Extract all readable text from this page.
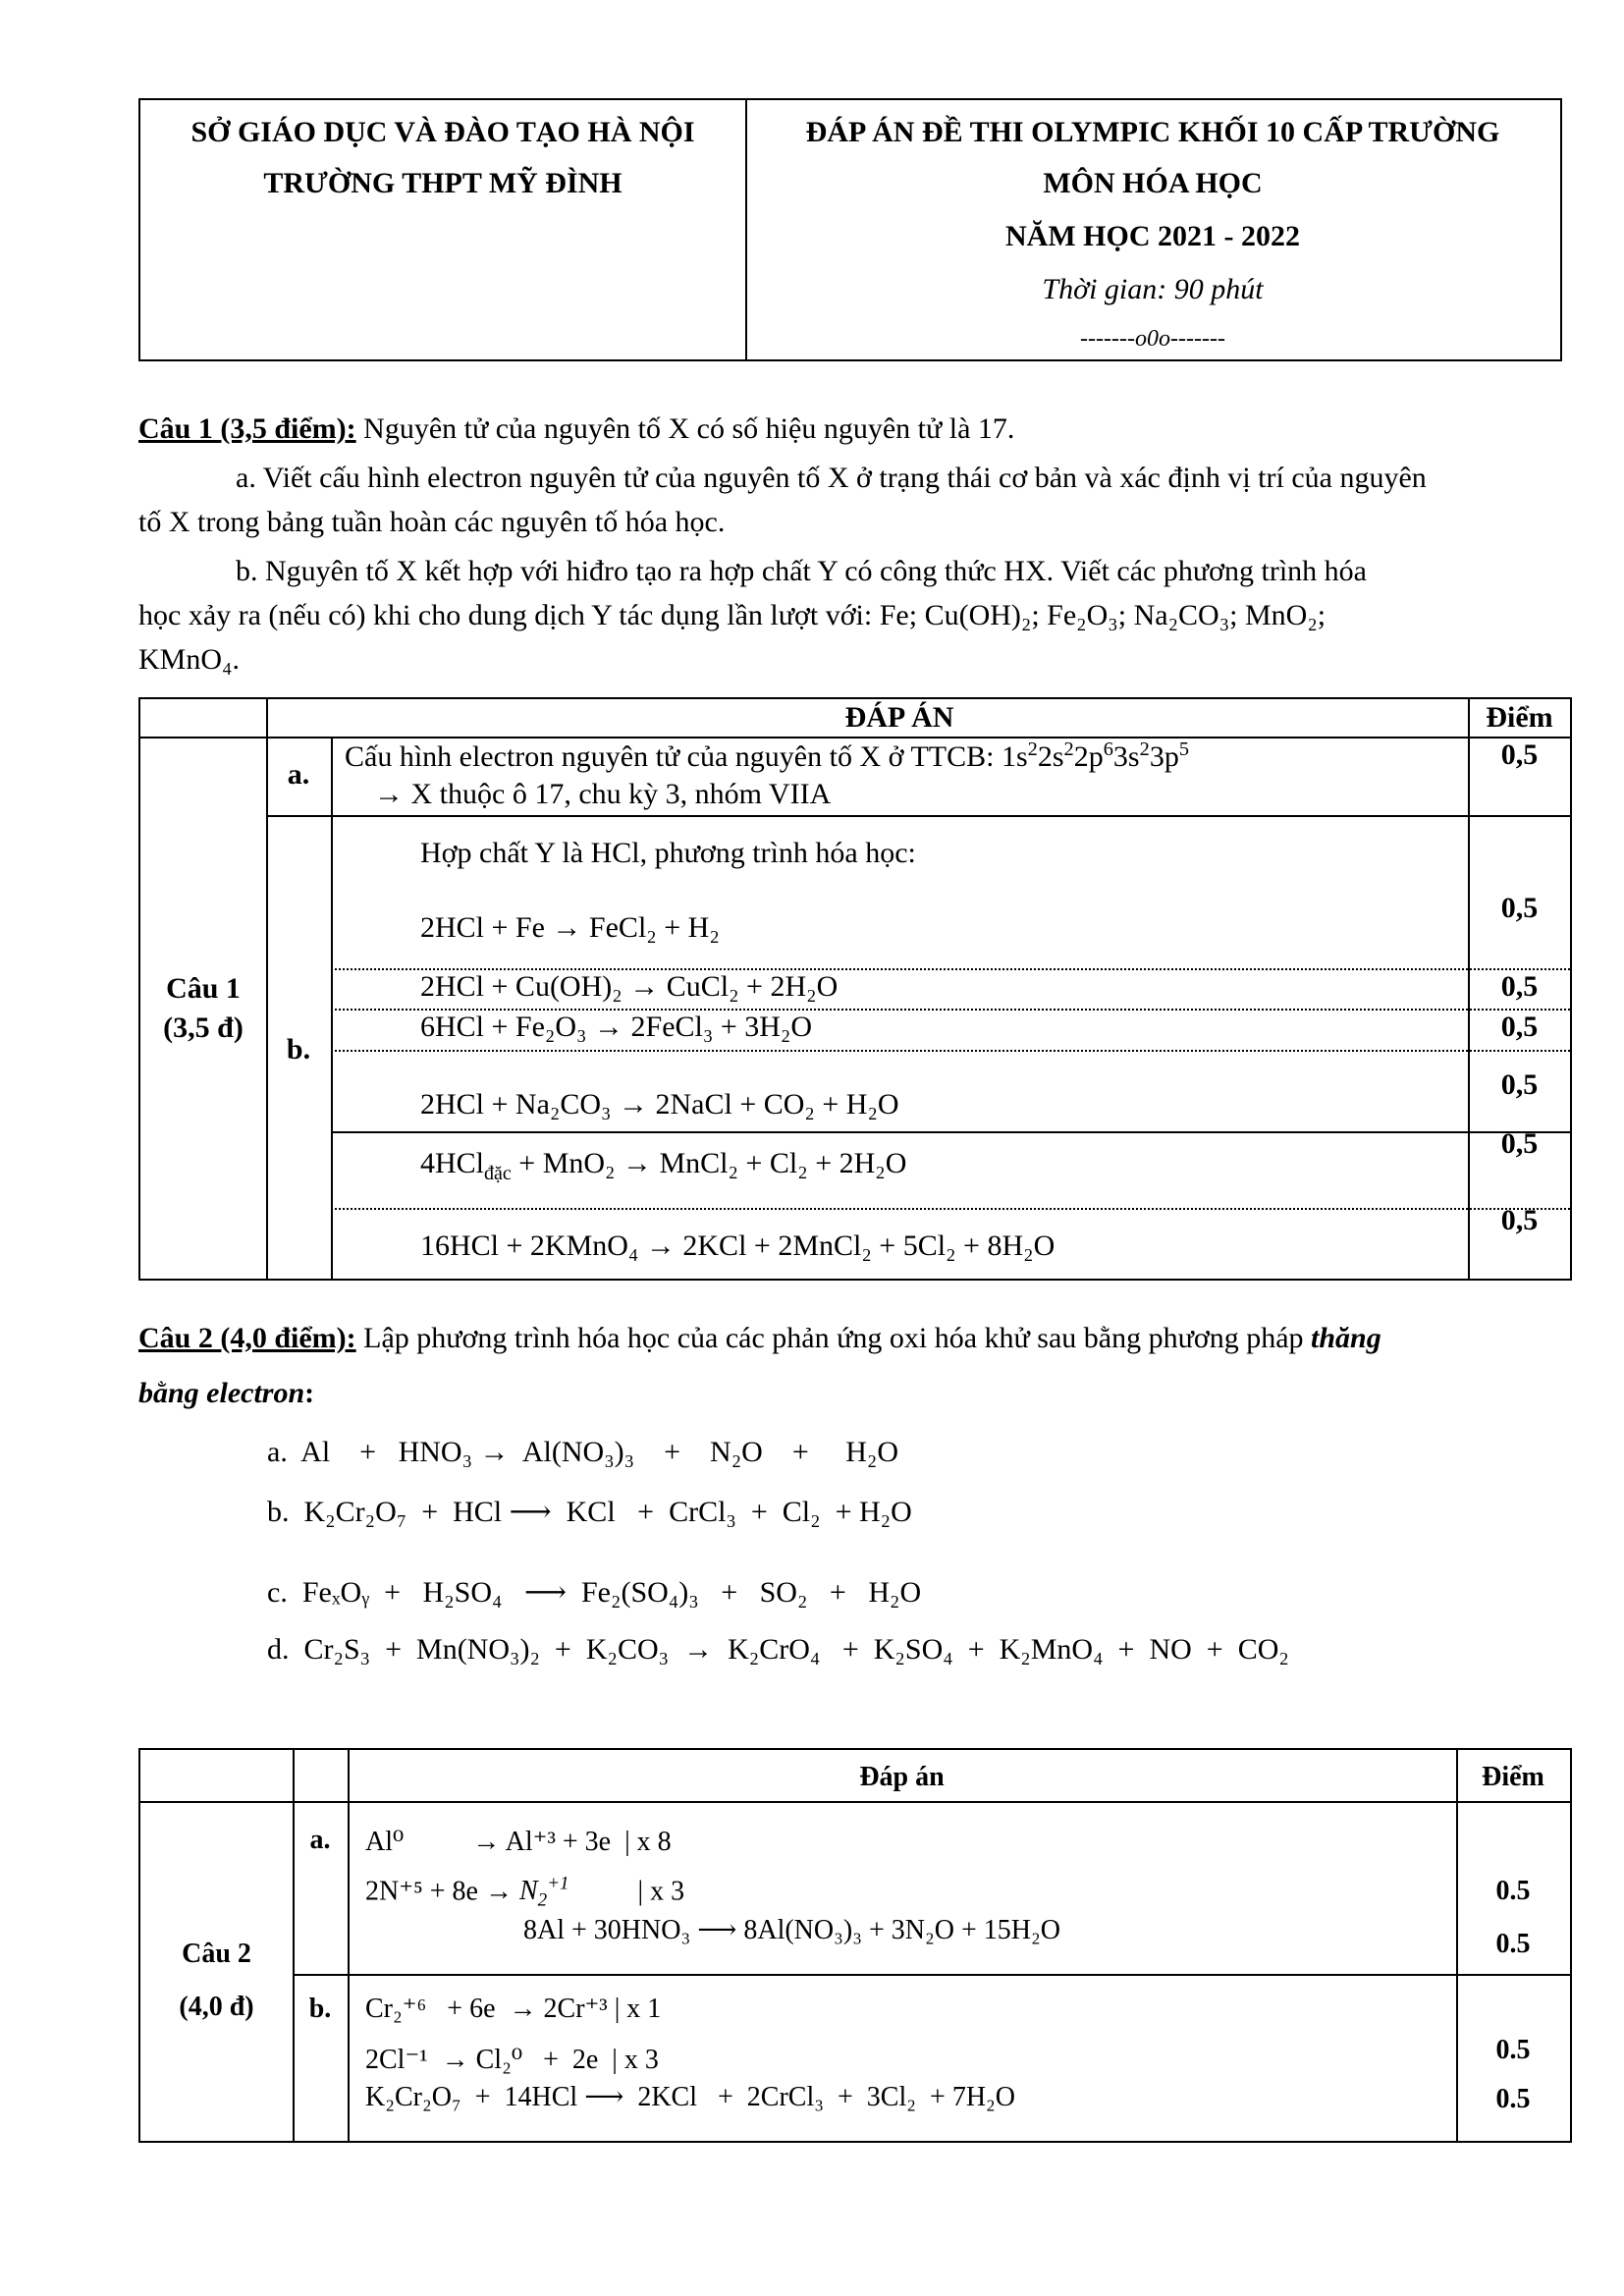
SỞ GIÁO DỤC VÀ ĐÀO TẠO HÀ NỘI
TRƯỜNG THPT MỸ ĐÌNH
ĐÁP ÁN ĐỀ THI OLYMPIC KHỐI 10 CẤP TRƯỜNG
MÔN HÓA HỌC
NĂM HỌC 2021 - 2022
Thời gian: 90 phút
-------o0o-------
Câu 1 (3,5 điểm): Nguyên tử của nguyên tố X có số hiệu nguyên tử là 17.
a. Viết cấu hình electron nguyên tử của nguyên tố X ở trạng thái cơ bản và xác định vị trí của nguyên
tố X trong bảng tuần hoàn các nguyên tố hóa học.
b. Nguyên tố X kết hợp với hiđro tạo ra hợp chất Y có công thức HX. Viết các phương trình hóa
học xảy ra (nếu có) khi cho dung dịch Y tác dụng lần lượt với: Fe; Cu(OH)₂; Fe₂O₃; Na₂CO₃; MnO₂;
KMnO₄.
ĐÁP ÁN	Điểm
Câu 1
(3,5 đ)
a.
b.
Cấu hình electron nguyên tử của nguyên tố X ở TTCB: $1s^22s^22p^63s^23p^5$
→ X thuộc ô 17, chu kỳ 3, nhóm VIIA
Hợp chất Y là HCl, phương trình hóa học:
2HCl + Fe → FeCl₂ + H₂
2HCl + Cu(OH)₂ → CuCl₂ + 2H₂O
6HCl + Fe₂O₃ → 2FeCl₃ + 3H₂O
2HCl + Na₂CO₃ → 2NaCl + CO₂ + H₂O
4HCl$_{đặc}$ + MnO₂ → MnCl₂ + Cl₂ + 2H₂O
16HCl + 2KMnO₄ → 2KCl + 2MnCl₂ + 5Cl₂ + 8H₂O
0,5
0,5
0,5
0,5
0,5
0,5
0,5
Câu 2 (4,0 điểm): Lập phương trình hóa học của các phản ứng oxi hóa khử sau bằng phương pháp thăng
bằng electron:
a.  Al    +   HNO₃ →  Al(NO₃)₃    +    N₂O    +     H₂O
b.  K₂Cr₂O₇  +  HCl ⟶  KCl   +  CrCl₃  +  Cl₂  + H₂O
c.  FeₓOᵧ  +   H₂SO₄   ⟶  Fe₂(SO₄)₃   +   SO₂   +   H₂O
d.  Cr₂S₃  +  Mn(NO₃)₂  +  K₂CO₃  →  K₂CrO₄   +  K₂SO₄  +  K₂MnO₄  +  NO  +  CO₂
Đáp án	Điểm
Câu 2
(4,0 đ)
a.
b.
Al⁰          → Al⁺³ + 3e  | x 8
$2N^{+5} + 8e \to N_2^{+1}$          | x 3
8Al + 30HNO₃ ⟶ 8Al(NO₃)₃ + 3N₂O + 15H₂O
Cr₂⁺⁶   + 6e  → 2Cr⁺³ | x 1
2Cl⁻¹  → Cl₂⁰   +  2e  | x 3
K₂Cr₂O₇  +  14HCl ⟶  2KCl   +  2CrCl₃  +  3Cl₂  + 7H₂O
0.5
0.5
0.5
0.5
